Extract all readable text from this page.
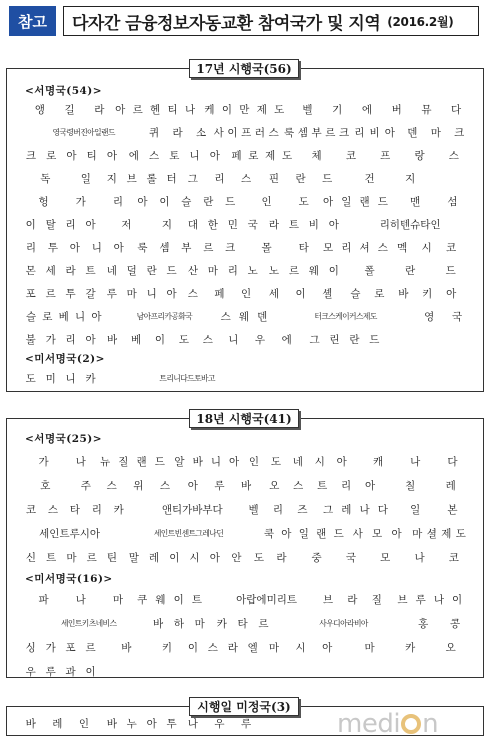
참고	다자간 금융정보자동교환 참여국가 및 지역 (2016.2월)
17년 시행국(56)
<서명국(54)>
<미서명국(2)>
앵	길	라	아르헨티나 케이만제도	벨	기	에	버	뮤	다
영국령버진아일랜드	퀴	라	소 사이프러스 룩셈부르크 리비아 덴	마	크
크로아티아 에스토니아 페로제도	체	코	프	랑	스
독	일	지브롤터 그리스 핀란드	건	지
헝	가	리	아이슬란드	인	도	아일랜드	맨	섬
이탈리아	저	지	대한민국 라트비아	리히텐슈타인
리투아니아 룩셈부르크	몰	타	모리셔스 멕시코
몬세라트 네덜란드 산마리노 노르웨이	폴	란	드
포르투갈 루마니아 스페인 세이셸 슬로바키아
슬로베니아	남아프리카공화국	스웨덴	터크스케이커스제도	영	국
불가리아 바베이도스 니우에 그린란드
도미니카	트리니다드토바고
18년 시행국(41)
<서명국(25)>
<미서명국(16)>
가	나	뉴질랜드 알바니아 인도네시아	캐	나	다
호	주	스위스 아루바 오스트리아	칠	레
코스타리카	앤티가바부다	벨리즈 그레나다	일	본
세인트루시아	세인트빈센트그레나딘	쿡아일랜드 사모아 마셜제도
신트마르틴 말레이시아 안도라	중	국	모	나	코
파	나	마	쿠웨이트	아랍에미리트	브라질 브루나이
세인트키츠네비스	바하마 카타르	사우디아라비아	홍	콩
싱가포르	바	키	이스라엘 마시아	마	카	오
우루과이
시행일 미정국(3)
바레인 바누아투 나우루	medi n
